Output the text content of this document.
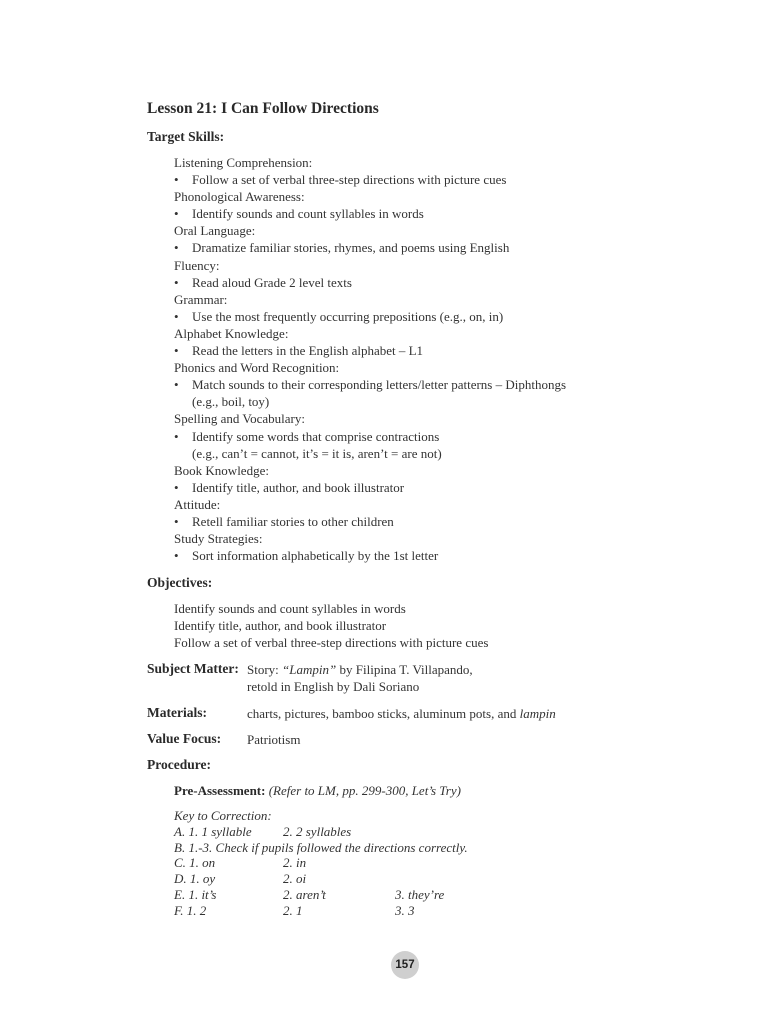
Lesson 21: I Can Follow Directions
Target Skills:
Listening Comprehension:
• Follow a set of verbal three-step directions with picture cues
Phonological Awareness:
• Identify sounds and count syllables in words
Oral Language:
• Dramatize familiar stories, rhymes, and poems using English
Fluency:
• Read aloud Grade 2 level texts
Grammar:
• Use the most frequently occurring prepositions (e.g., on, in)
Alphabet Knowledge:
• Read the letters in the English alphabet – L1
Phonics and Word Recognition:
• Match sounds to their corresponding letters/letter patterns – Diphthongs
(e.g., boil, toy)
Spelling and Vocabulary:
• Identify some words that comprise contractions
(e.g., can’t = cannot, it’s = it is, aren’t = are not)
Book Knowledge:
• Identify title, author, and book illustrator
Attitude:
• Retell familiar stories to other children
Study Strategies:
• Sort information alphabetically by the 1st letter
Objectives:
Identify sounds and count syllables in words
Identify title, author, and book illustrator
Follow a set of verbal three-step directions with picture cues
Subject Matter: Story: “Lampin” by Filipina T. Villapando,
retold in English by Dali Soriano
Materials:	charts, pictures, bamboo sticks, aluminum pots, and lampin
Value Focus: Patriotism
Procedure:
Pre-Assessment: (Refer to LM, pp. 299-300, Let’s Try)
Key to Correction:
A. 1. 1 syllable 2. 2 syllables
B. 1.-3. Check if pupils followed the directions correctly.
C. 1. on	2. in
D. 1. oy	2. oi
E. 1. it’s	2. aren’t	3. they’re
F. 1. 2	2. 1	3. 3
157
